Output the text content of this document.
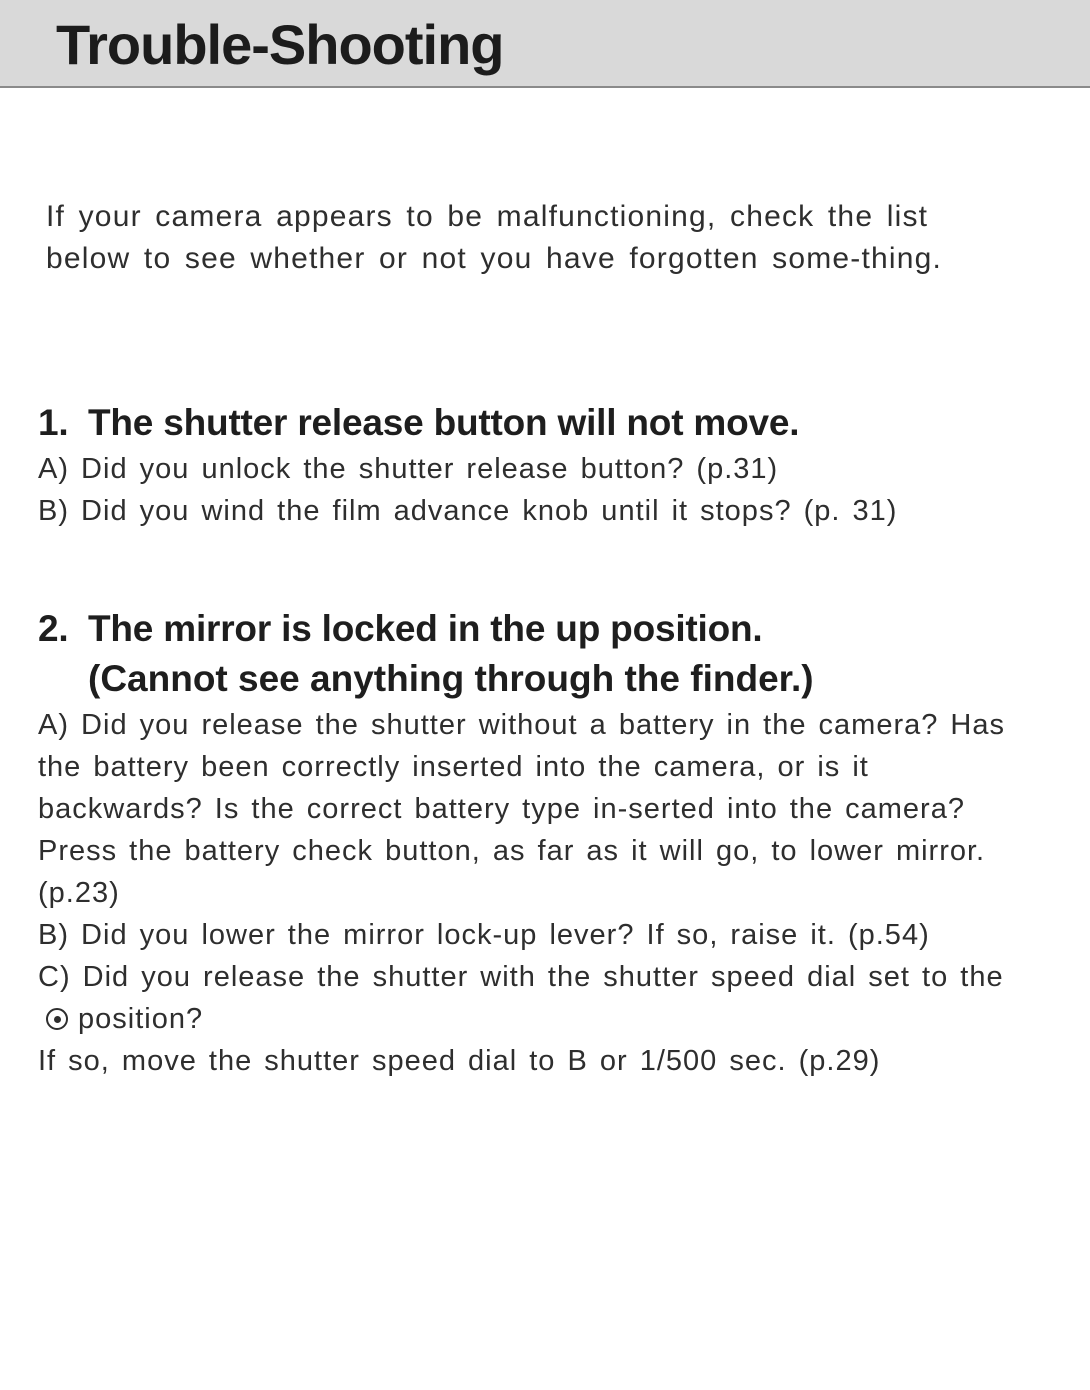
Trouble-Shooting

If your camera appears to be malfunctioning, check the list below to see whether or not you have forgotten some-thing.

1. The shutter release button will not move.

A) Did you unlock the shutter release button? (p.31)

B) Did you wind the film advance knob until it stops? (p. 31)

2. The mirror is locked in the up position.

(Cannot see anything through the finder.)

A) Did you release the shutter without a battery in the camera? Has the battery been correctly inserted into the camera, or is it backwards? Is the correct battery type in-serted into the camera?

Press the battery check button, as far as it will go, to lower mirror. (p.23)

B) Did you lower the mirror lock-up lever? If so, raise it. (p.54)

C) Did you release the shutter with the shutter speed dial set to theposition?

If so, move the shutter speed dial to B or 1/500 sec. (p.29)
